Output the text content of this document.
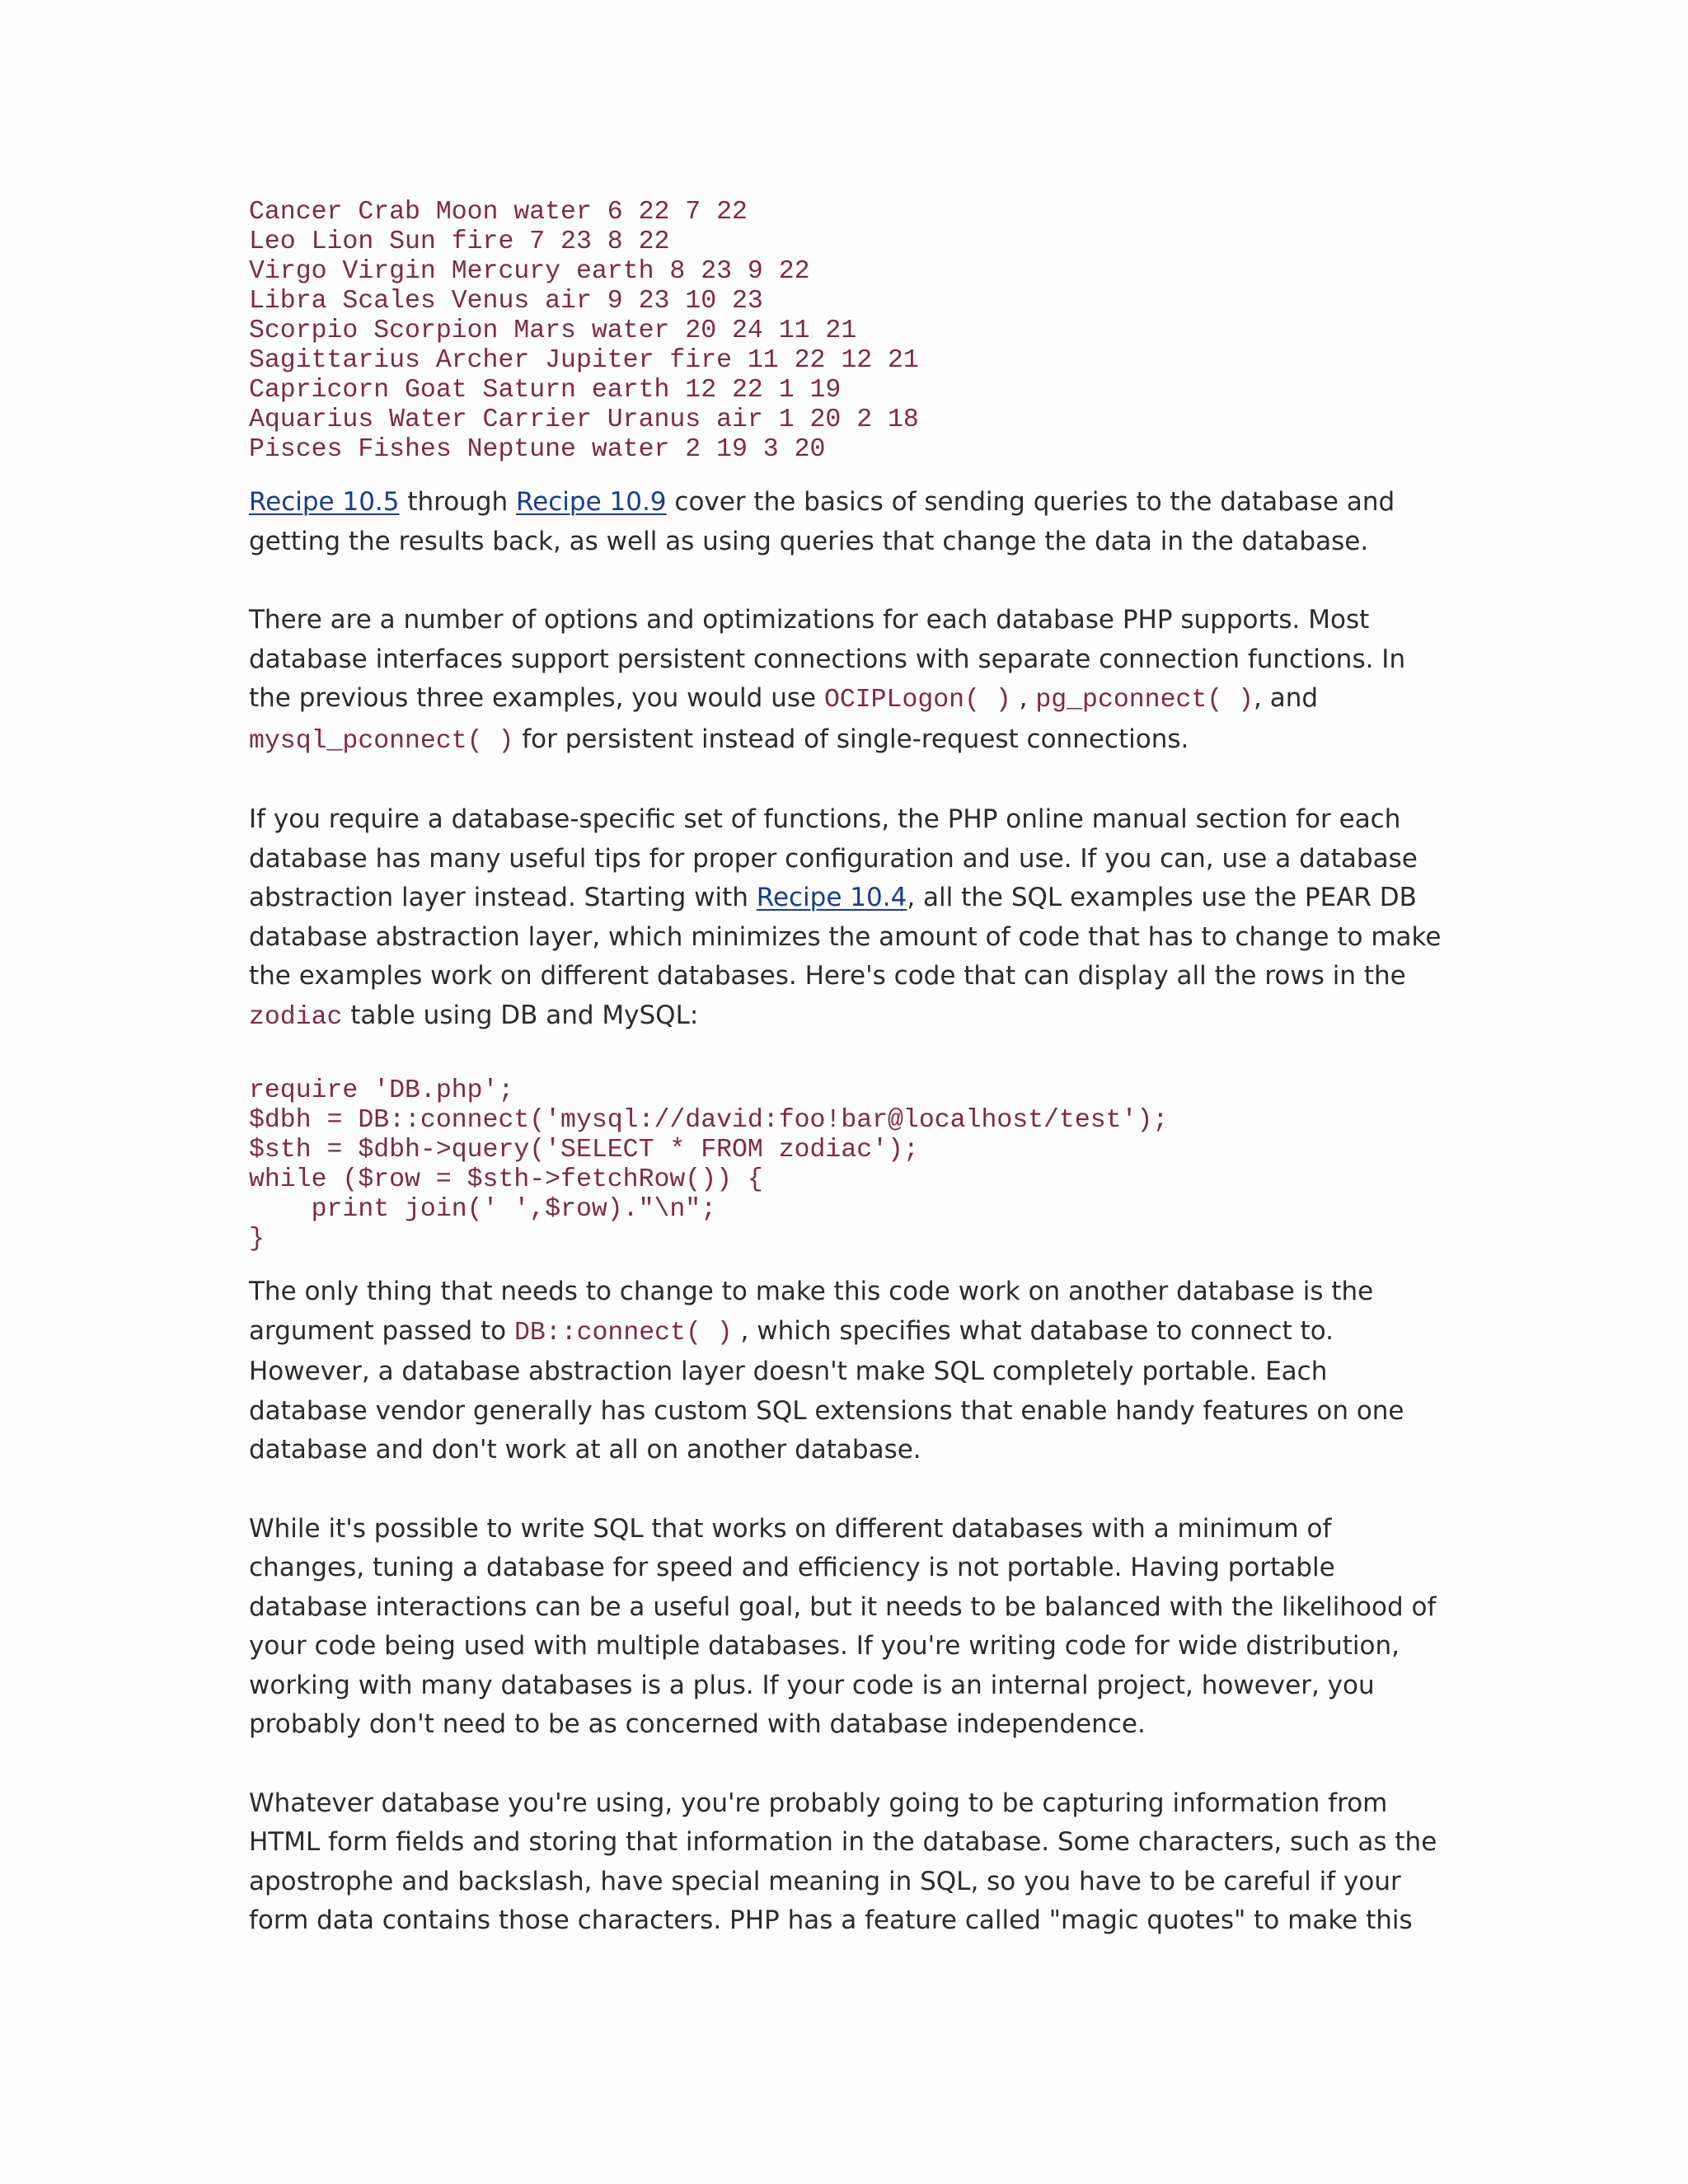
Cancer Crab Moon water 6 22 7 22
Leo Lion Sun fire 7 23 8 22
Virgo Virgin Mercury earth 8 23 9 22
Libra Scales Venus air 9 23 10 23
Scorpio Scorpion Mars water 20 24 11 21
Sagittarius Archer Jupiter fire 11 22 12 21
Capricorn Goat Saturn earth 12 22 1 19
Aquarius Water Carrier Uranus air 1 20 2 18
Pisces Fishes Neptune water 2 19 3 20

Recipe 10.5 through Recipe 10.9 cover the basics of sending queries to the database and getting the results back, as well as using queries that change the data in the database.

There are a number of options and optimizations for each database PHP supports. Most database interfaces support persistent connections with separate connection functions. In the previous three examples, you would use OCIPLogon( ) , pg_pconnect( ), and
mysql_pconnect( ) for persistent instead of single-request connections.

If you require a database-specific set of functions, the PHP online manual section for each database has many useful tips for proper configuration and use. If you can, use a database abstraction layer instead. Starting with Recipe 10.4, all the SQL examples use the PEAR DB database abstraction layer, which minimizes the amount of code that has to change to make the examples work on different databases. Here's code that can display all the rows in the
zodiac table using DB and MySQL:

require 'DB.php';
$dbh = DB::connect('mysql://david:foo!bar@localhost/test');
$sth = $dbh->query('SELECT * FROM zodiac');
while ($row = $sth->fetchRow()) {
print join(' ',$row)."\n";
}

The only thing that needs to change to make this code work on another database is the argument passed to DB::connect( ) , which specifies what database to connect to. However, a database abstraction layer doesn't make SQL completely portable. Each database vendor generally has custom SQL extensions that enable handy features on one database and don't work at all on another database.

While it's possible to write SQL that works on different databases with a minimum of changes, tuning a database for speed and efficiency is not portable. Having portable database interactions can be a useful goal, but it needs to be balanced with the likelihood of your code being used with multiple databases. If you're writing code for wide distribution, working with many databases is a plus. If your code is an internal project, however, you probably don't need to be as concerned with database independence.

Whatever database you're using, you're probably going to be capturing information from HTML form fields and storing that information in the database. Some characters, such as the apostrophe and backslash, have special meaning in SQL, so you have to be careful if your form data contains those characters. PHP has a feature called "magic quotes" to make this
